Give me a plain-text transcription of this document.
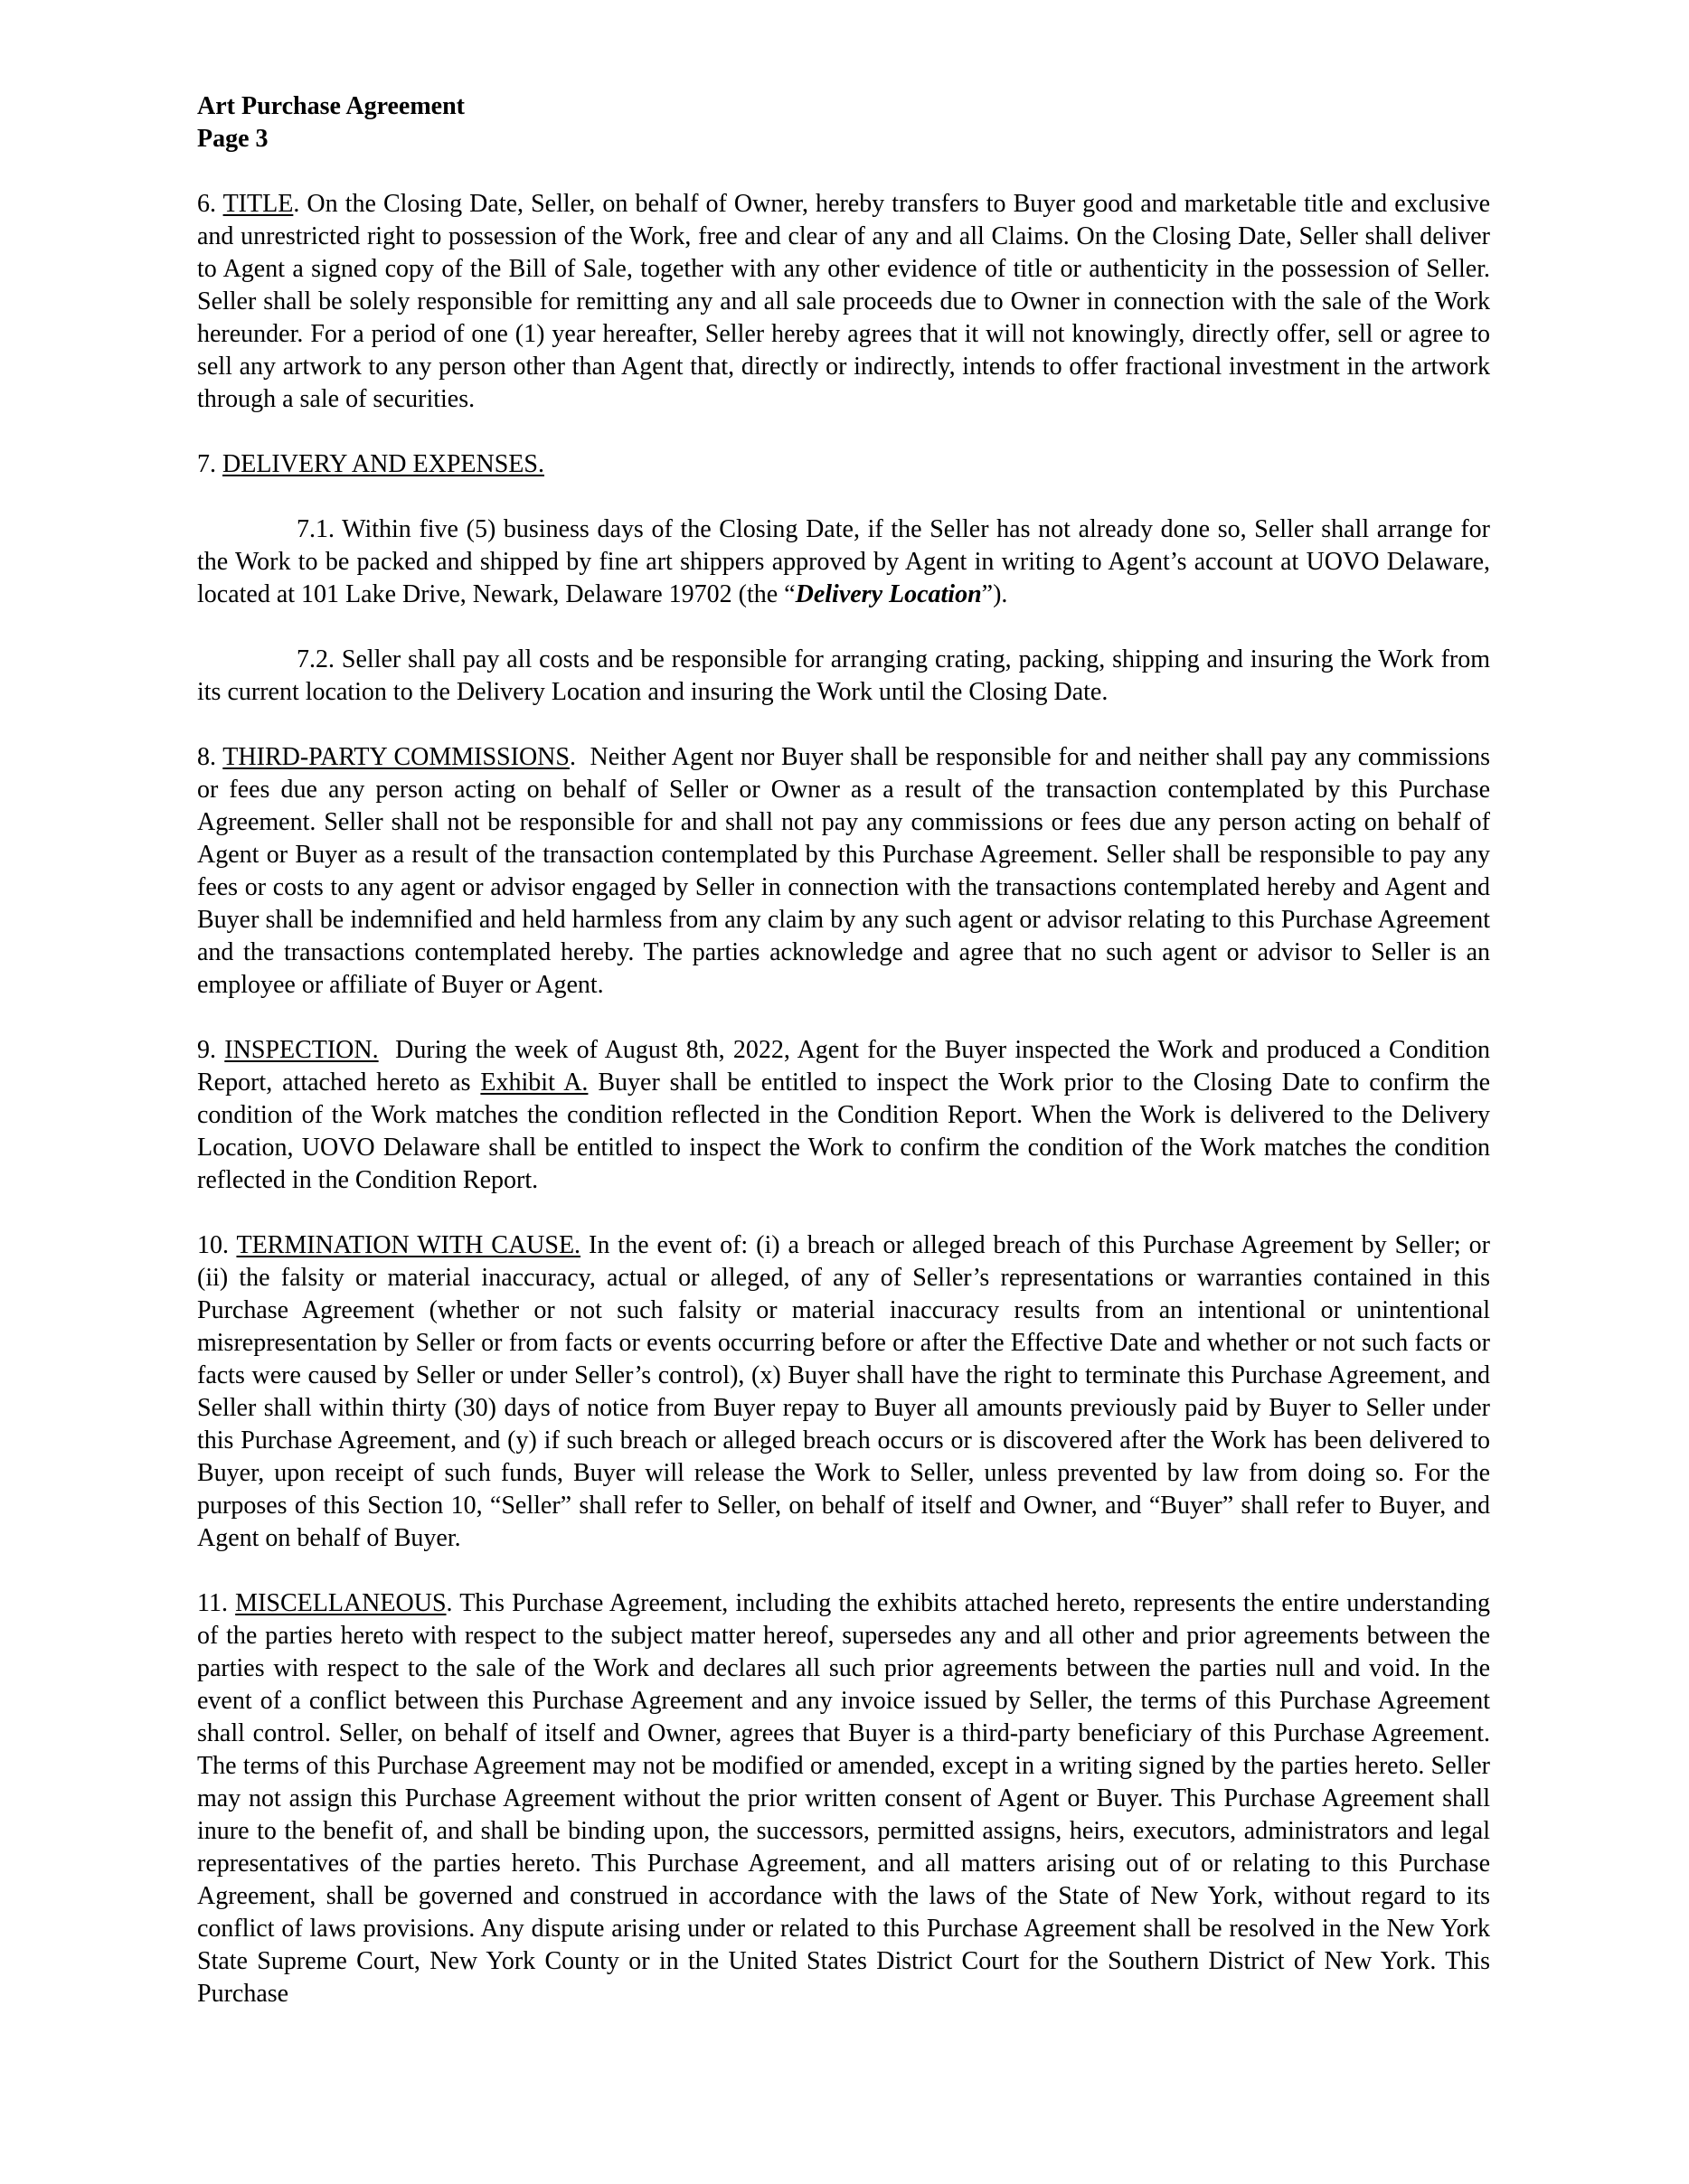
Art Purchase Agreement
Page 3

6. TITLE. On the Closing Date, Seller, on behalf of Owner, hereby transfers to Buyer good and marketable title and exclusive and unrestricted right to possession of the Work, free and clear of any and all Claims. On the Closing Date, Seller shall deliver to Agent a signed copy of the Bill of Sale, together with any other evidence of title or authenticity in the possession of Seller. Seller shall be solely responsible for remitting any and all sale proceeds due to Owner in connection with the sale of the Work hereunder. For a period of one (1) year hereafter, Seller hereby agrees that it will not knowingly, directly offer, sell or agree to sell any artwork to any person other than Agent that, directly or indirectly, intends to offer fractional investment in the artwork through a sale of securities.

7. DELIVERY AND EXPENSES.

7.1. Within five (5) business days of the Closing Date, if the Seller has not already done so, Seller shall arrange for the Work to be packed and shipped by fine art shippers approved by Agent in writing to Agent’s account at UOVO Delaware, located at 101 Lake Drive, Newark, Delaware 19702 (the “Delivery Location”).

7.2. Seller shall pay all costs and be responsible for arranging crating, packing, shipping and insuring the Work from its current location to the Delivery Location and insuring the Work until the Closing Date.

8. THIRD-PARTY COMMISSIONS.  Neither Agent nor Buyer shall be responsible for and neither shall pay any commissions or fees due any person acting on behalf of Seller or Owner as a result of the transaction contemplated by this Purchase Agreement. Seller shall not be responsible for and shall not pay any commissions or fees due any person acting on behalf of Agent or Buyer as a result of the transaction contemplated by this Purchase Agreement. Seller shall be responsible to pay any fees or costs to any agent or advisor engaged by Seller in connection with the transactions contemplated hereby and Agent and Buyer shall be indemnified and held harmless from any claim by any such agent or advisor relating to this Purchase Agreement and the transactions contemplated hereby. The parties acknowledge and agree that no such agent or advisor to Seller is an employee or affiliate of Buyer or Agent.

9. INSPECTION.  During the week of August 8th, 2022, Agent for the Buyer inspected the Work and produced a Condition Report, attached hereto as Exhibit A. Buyer shall be entitled to inspect the Work prior to the Closing Date to confirm the condition of the Work matches the condition reflected in the Condition Report. When the Work is delivered to the Delivery Location, UOVO Delaware shall be entitled to inspect the Work to confirm the condition of the Work matches the condition reflected in the Condition Report.

10. TERMINATION WITH CAUSE. In the event of: (i) a breach or alleged breach of this Purchase Agreement by Seller; or (ii) the falsity or material inaccuracy, actual or alleged, of any of Seller’s representations or warranties contained in this Purchase Agreement (whether or not such falsity or material inaccuracy results from an intentional or unintentional misrepresentation by Seller or from facts or events occurring before or after the Effective Date and whether or not such facts or facts were caused by Seller or under Seller’s control), (x) Buyer shall have the right to terminate this Purchase Agreement, and Seller shall within thirty (30) days of notice from Buyer repay to Buyer all amounts previously paid by Buyer to Seller under this Purchase Agreement, and (y) if such breach or alleged breach occurs or is discovered after the Work has been delivered to Buyer, upon receipt of such funds, Buyer will release the Work to Seller, unless prevented by law from doing so. For the purposes of this Section 10, “Seller” shall refer to Seller, on behalf of itself and Owner, and “Buyer” shall refer to Buyer, and Agent on behalf of Buyer.

11. MISCELLANEOUS. This Purchase Agreement, including the exhibits attached hereto, represents the entire understanding of the parties hereto with respect to the subject matter hereof, supersedes any and all other and prior agreements between the parties with respect to the sale of the Work and declares all such prior agreements between the parties null and void. In the event of a conflict between this Purchase Agreement and any invoice issued by Seller, the terms of this Purchase Agreement shall control. Seller, on behalf of itself and Owner, agrees that Buyer is a third-party beneficiary of this Purchase Agreement. The terms of this Purchase Agreement may not be modified or amended, except in a writing signed by the parties hereto. Seller may not assign this Purchase Agreement without the prior written consent of Agent or Buyer. This Purchase Agreement shall inure to the benefit of, and shall be binding upon, the successors, permitted assigns, heirs, executors, administrators and legal representatives of the parties hereto. This Purchase Agreement, and all matters arising out of or relating to this Purchase Agreement, shall be governed and construed in accordance with the laws of the State of New York, without regard to its conflict of laws provisions. Any dispute arising under or related to this Purchase Agreement shall be resolved in the New York State Supreme Court, New York County or in the United States District Court for the Southern District of New York. This Purchase
